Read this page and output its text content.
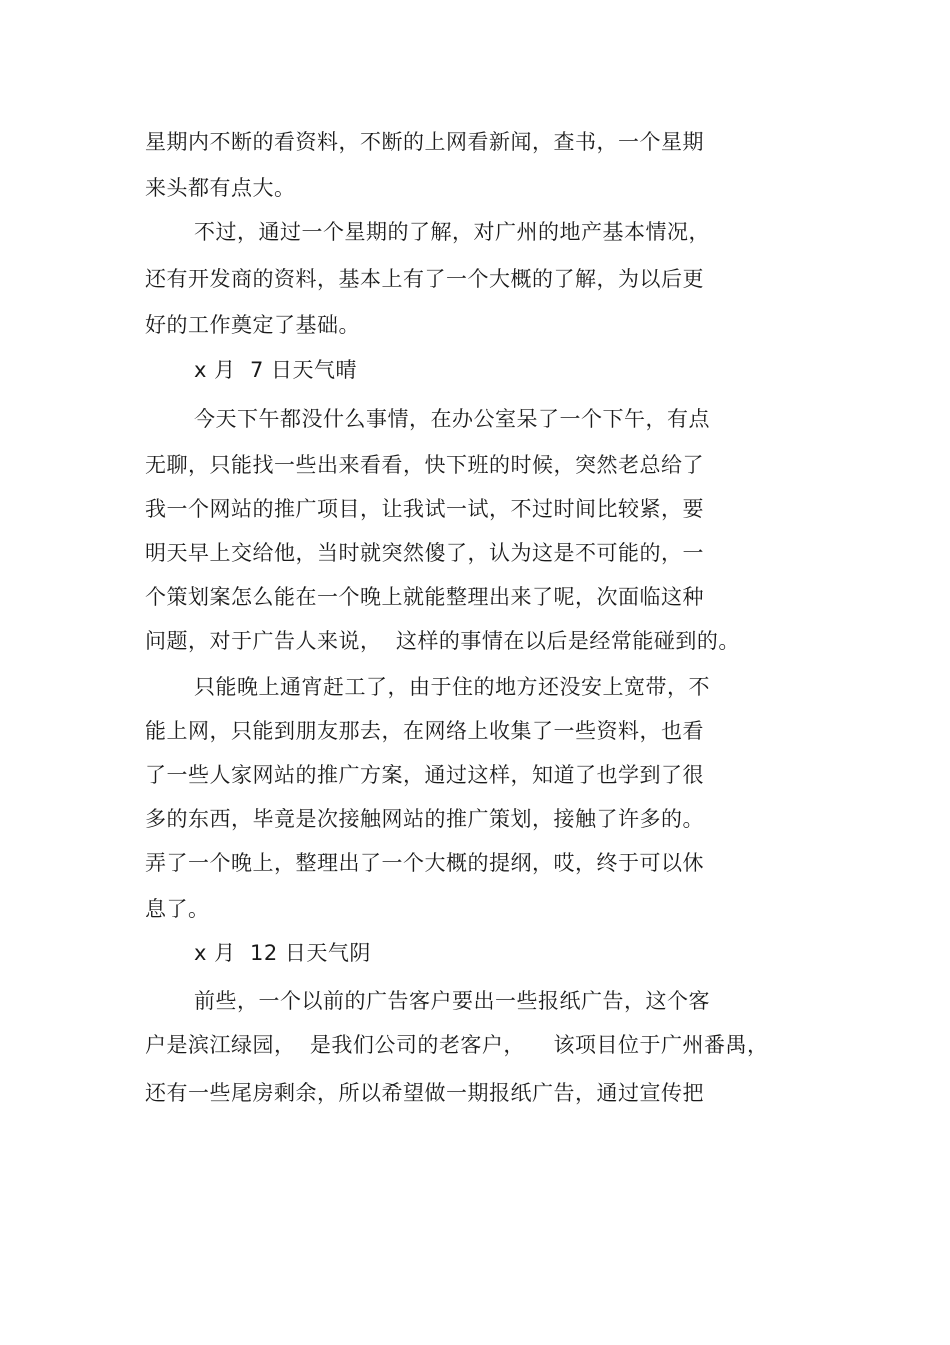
星期内不断的看资料，不断的上网看新闻，查书，一个星期

来头都有点大。

不过，通过一个星期的了解，对广州的地产基本情况，

还有开发商的资料，基本上有了一个大概的了解，为以后更

好的工作奠定了基础。

x 月  7 日天气晴

今天下午都没什么事情，在办公室呆了一个下午，有点

无聊，只能找一些出来看看，快下班的时候，突然老总给了

我一个网站的推广项目，让我试一试，不过时间比较紧，要

明天早上交给他，当时就突然傻了，认为这是不可能的，一

个策划案怎么能在一个晚上就能整理出来了呢，次面临这种

问题，对于广告人来说，  这样的事情在以后是经常能碰到的。

只能晚上通宵赶工了，由于住的地方还没安上宽带，不

能上网，只能到朋友那去，在网络上收集了一些资料，也看

了一些人家网站的推广方案，通过这样，知道了也学到了很

多的东西，毕竟是次接触网站的推广策划，接触了许多的。

弄了一个晚上，整理出了一个大概的提纲，哎，终于可以休

息了。

x 月  12 日天气阴

前些，一个以前的广告客户要出一些报纸广告，这个客

户是滨江绿园，  是我们公司的老客户，    该项目位于广州番禺，

还有一些尾房剩余，所以希望做一期报纸广告，通过宣传把
